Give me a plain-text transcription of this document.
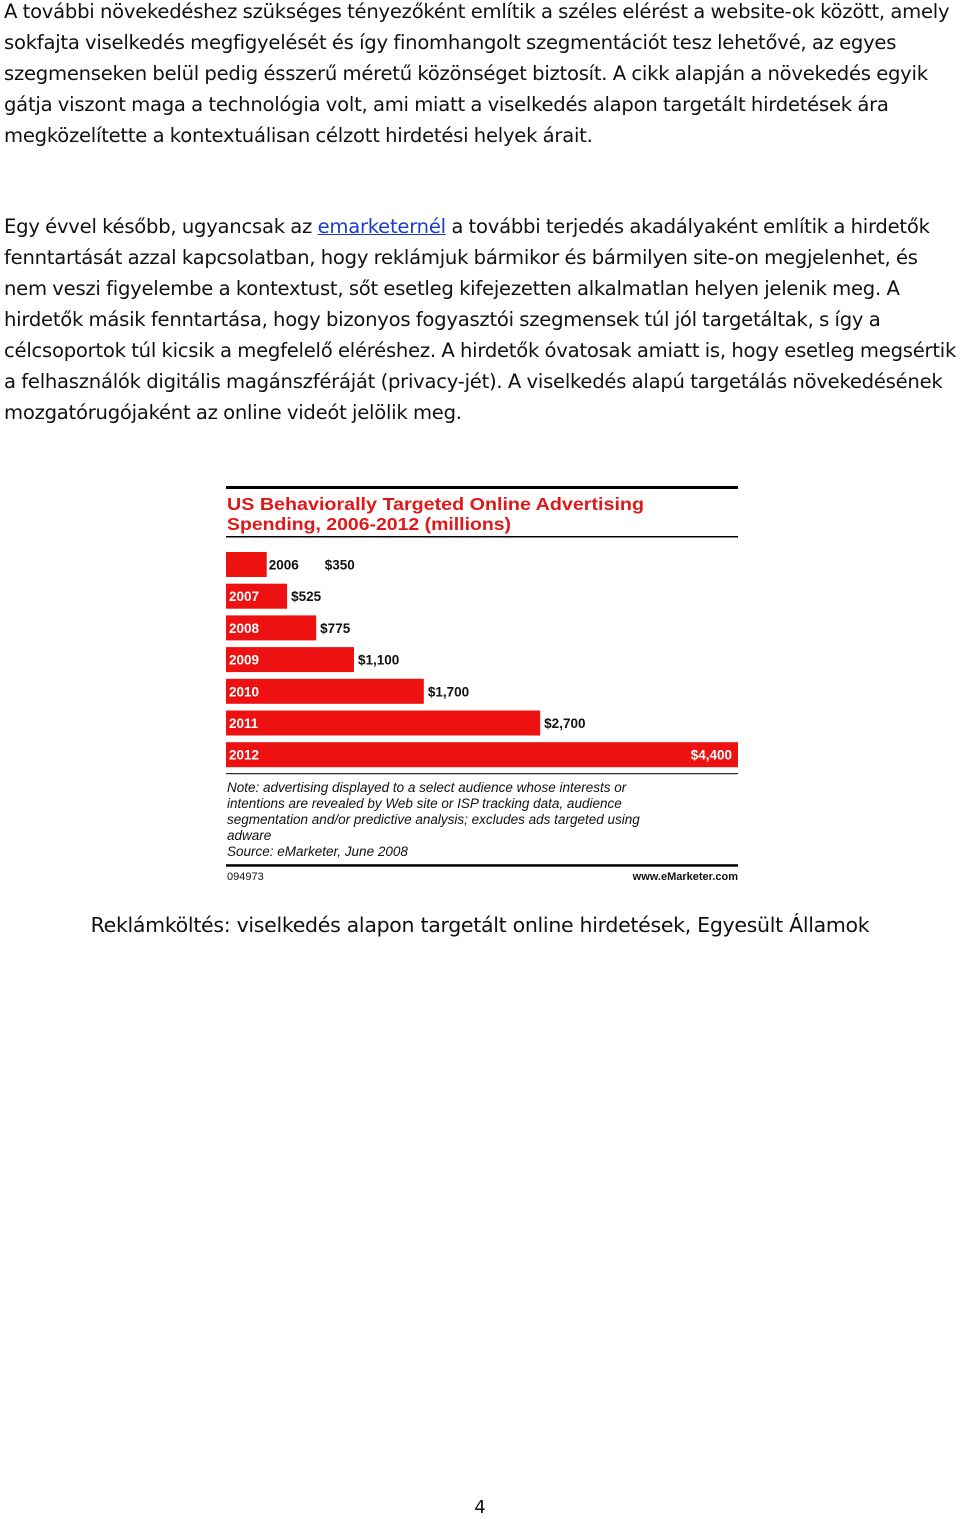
A további növekedéshez szükséges tényezőként említik a széles elérést a website-ok között, amely sokfajta viselkedés megfigyelését és így finomhangolt szegmentációt tesz lehetővé, az egyes szegmenseken belül pedig ésszerű méretű közönséget biztosít. A cikk alapján a növekedés egyik gátja viszont maga a technológia volt, ami miatt a viselkedés alapon targetált hirdetések ára megközelítette a kontextuálisan célzott hirdetési helyek árait.

Egy évvel később, ugyancsak az emarketernél a további terjedés akadályaként említik a hirdetők fenntartását azzal kapcsolatban, hogy reklámjuk bármikor és bármilyen site-on megjelenhet, és nem veszi figyelembe a kontextust, sőt esetleg kifejezetten alkalmatlan helyen jelenik meg. A hirdetők másik fenntartása, hogy bizonyos fogyasztói szegmensek túl jól targetáltak, s így a célcsoportok túl kicsik a megfelelő eléréshez. A hirdetők óvatosak amiatt is, hogy esetleg megsértik a felhasználók digitális magánszféráját (privacy-jét). A viselkedés alapú targetálás növekedésének mozgatórugójaként az online videót jelölik meg.

US Behaviorally Targeted Online Advertising
Spending, 2006-2012 (millions)
2006 $350
2007 $525
2008	$775
2009	$1,100
2010	$1,700
2011	$2,700
2012	$4,400
Note: advertising displayed to a select audience whose interests or
intentions are revealed by Web site or ISP tracking data, audience
segmentation and/or predictive analysis; excludes ads targeted using
adware
Source: eMarketer, June 2008
094973	www.eMarketer.com

Reklámköltés: viselkedés alapon targetált online hirdetések, Egyesült Államok

4
